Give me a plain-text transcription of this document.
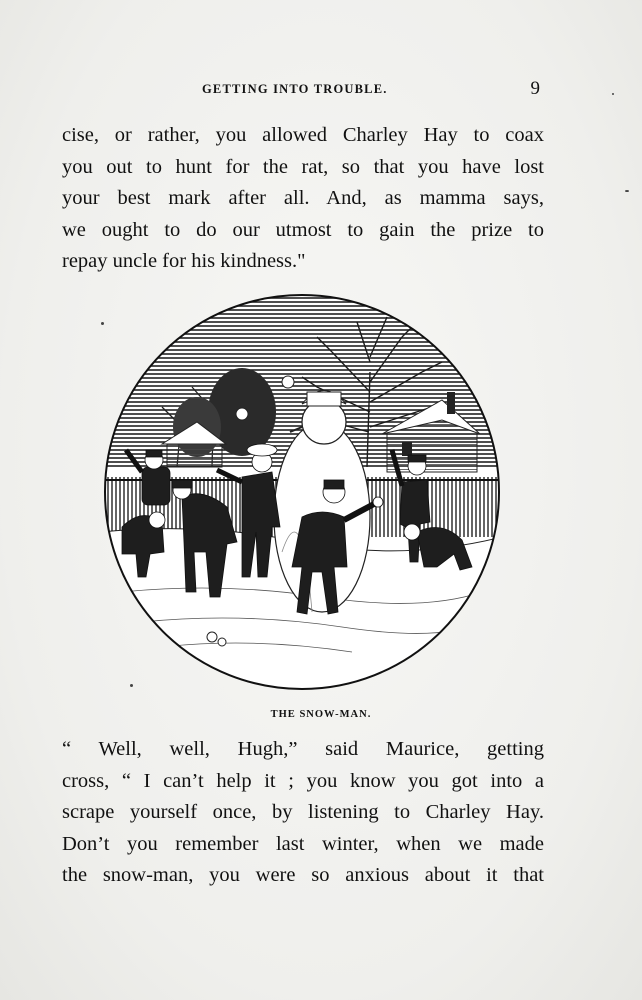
GETTING INTO TROUBLE.	9
cise, or rather, you allowed Charley Hay to coax
you out to hunt for the rat, so that you have lost
your best mark after all. And, as mamma says,
we ought to do our utmost to gain the prize to
repay uncle for his kindness."
THE SNOW-MAN.
“ Well, well, Hugh,” said Maurice, getting
cross, “ I can’t help it ; you know you got into a
scrape yourself once, by listening to Charley Hay.
Don’t you remember last winter, when we made
the snow-man, you were so anxious about it that
